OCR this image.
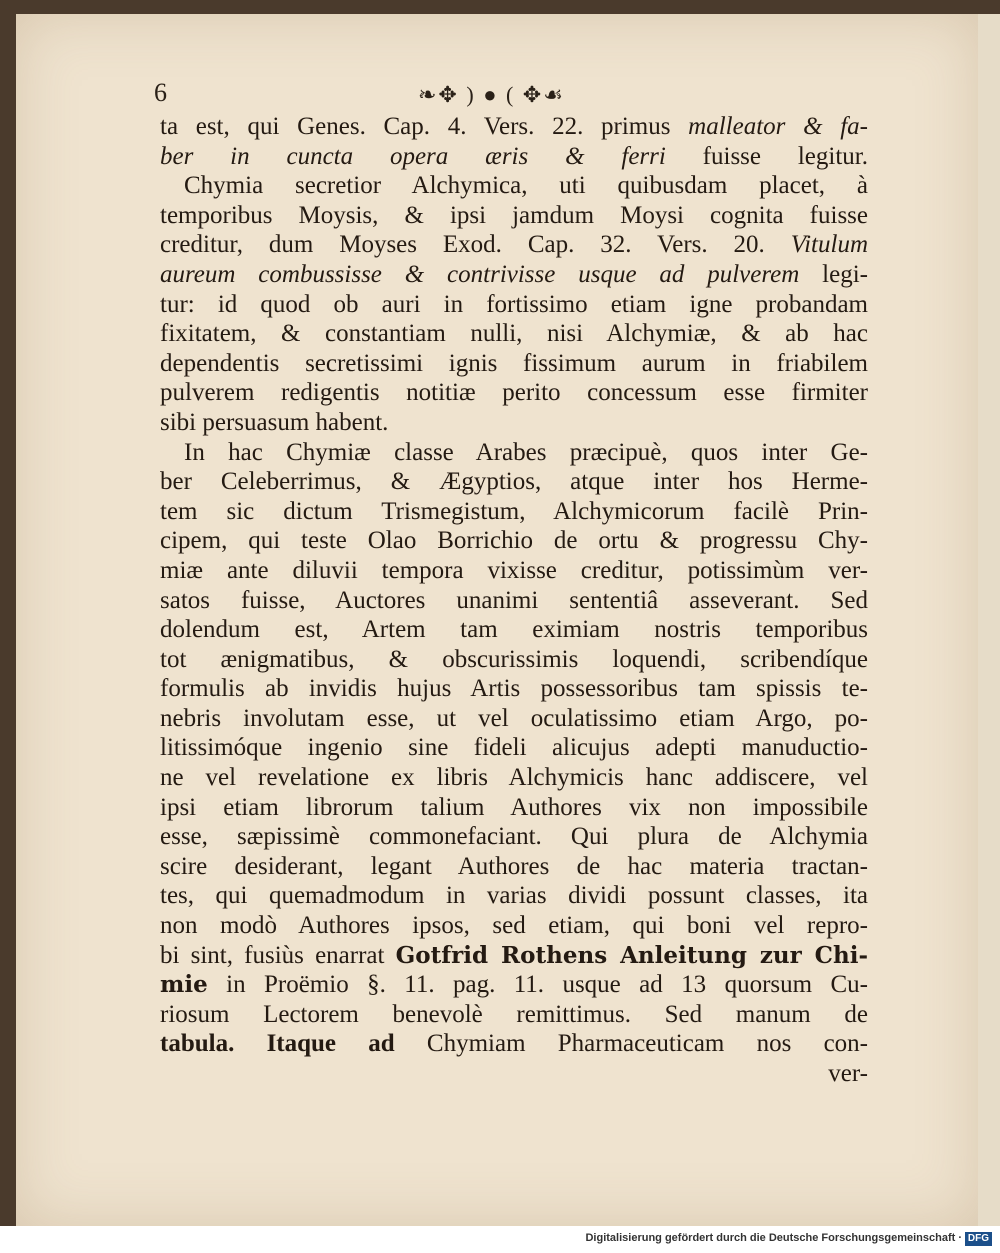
6	❧✥ ) ● ( ✥☙
ta est, qui Genes. Cap. 4. Vers. 22. primus malleator & fa-
ber in cuncta opera æris & ferri fuisse legitur.
Chymia secretior Alchymica, uti quibusdam placet, à
temporibus Moysis, & ipsi jamdum Moysi cognita fuisse
creditur, dum Moyses Exod. Cap. 32. Vers. 20. Vitulum
aureum combussisse & contrivisse usque ad pulverem legi-
tur: id quod ob auri in fortissimo etiam igne probandam
fixitatem, & constantiam nulli, nisi Alchymiæ, & ab hac
dependentis secretissimi ignis fissimum aurum in friabilem
pulverem redigentis notitiæ perito concessum esse firmiter
sibi persuasum habent.
In hac Chymiæ classe Arabes præcipuè, quos inter Ge-
ber Celeberrimus, & Ægyptios, atque inter hos Herme-
tem sic dictum Trismegistum, Alchymicorum facilè Prin-
cipem, qui teste Olao Borrichio de ortu & progressu Chy-
miæ ante diluvii tempora vixisse creditur, potissimùm ver-
satos fuisse, Auctores unanimi sententiâ asseverant. Sed
dolendum est, Artem tam eximiam nostris temporibus
tot ænigmatibus, & obscurissimis loquendi, scribendíque
formulis ab invidis hujus Artis possessoribus tam spissis te-
nebris involutam esse, ut vel oculatissimo etiam Argo, po-
litissimóque ingenio sine fideli alicujus adepti manuductio-
ne vel revelatione ex libris Alchymicis hanc addiscere, vel
ipsi etiam librorum talium Authores vix non impossibile
esse, sæpissimè commonefaciant. Qui plura de Alchymia
scire desiderant, legant Authores de hac materia tractan-
tes, qui quemadmodum in varias dividi possunt classes, ita
non modò Authores ipsos, sed etiam, qui boni vel repro-
bi sint, fusiùs enarrat Gotfrid Rothens Anleitung zur Chi-
mie in Proëmio §. 11. pag. 11. usque ad 13 quorsum Cu-
riosum Lectorem benevolè remittimus. Sed manum de
tabula. Itaque ad Chymiam Pharmaceuticam nos con-
ver-
Digitalisierung gefördert durch die Deutsche Forschungsgemeinschaft · DFG
